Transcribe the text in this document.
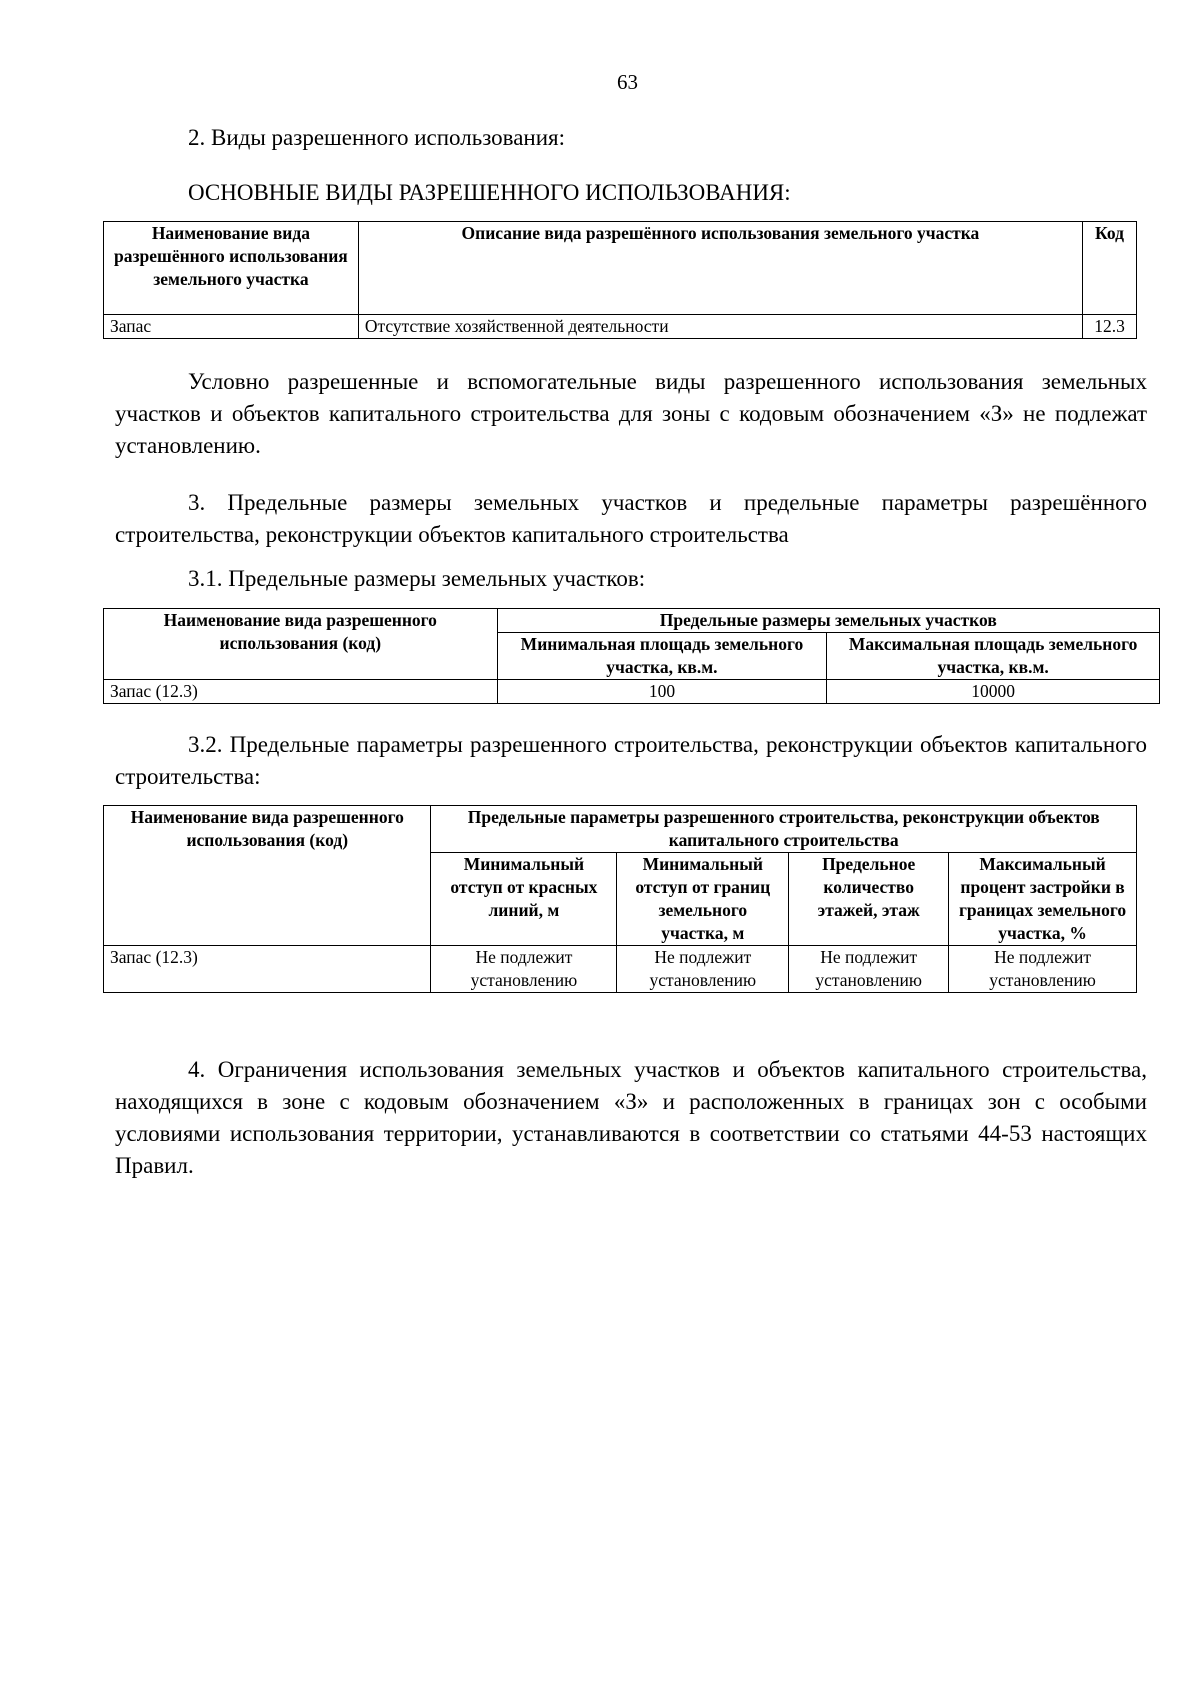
63

2. Виды разрешенного использования:

ОСНОВНЫЕ ВИДЫ РАЗРЕШЕННОГО ИСПОЛЬЗОВАНИЯ:

Наименование вида разрешённого использования земельного участка	Описание вида разрешённого использования земельного участка	Код
Запас	Отсутствие хозяйственной деятельности	12.3

Условно разрешенные и вспомогательные виды разрешенного использования земельных участков и объектов капитального строительства для зоны с кодовым обозначением «З» не подлежат установлению.

3. Предельные размеры земельных участков и предельные параметры разрешённого строительства, реконструкции объектов капитального строительства

3.1. Предельные размеры земельных участков:

Наименование вида разрешенного использования (код)	Предельные размеры земельных участков	
	Минимальная площадь земельного участка, кв.м.	Максимальная площадь земельного участка, кв.м.
Запас (12.3)	100	10000

3.2. Предельные параметры разрешенного строительства, реконструкции объектов капитального строительства:

Наименование вида разрешенного использования (код)	Предельные параметры разрешенного строительства, реконструкции объектов капитального строительства			
	Минимальный отступ от красных линий, м	Минимальный отступ от границ земельного участка, м	Предельное количество этажей, этаж	Максимальный процент застройки в границах земельного участка, %
Запас (12.3)	Не подлежит установлению	Не подлежит установлению	Не подлежит установлению	Не подлежит установлению

4. Ограничения использования земельных участков и объектов капитального строительства, находящихся в зоне с кодовым обозначением «З» и расположенных в границах зон с особыми условиями использования территории, устанавливаются в соответствии со статьями 44-53 настоящих Правил.
